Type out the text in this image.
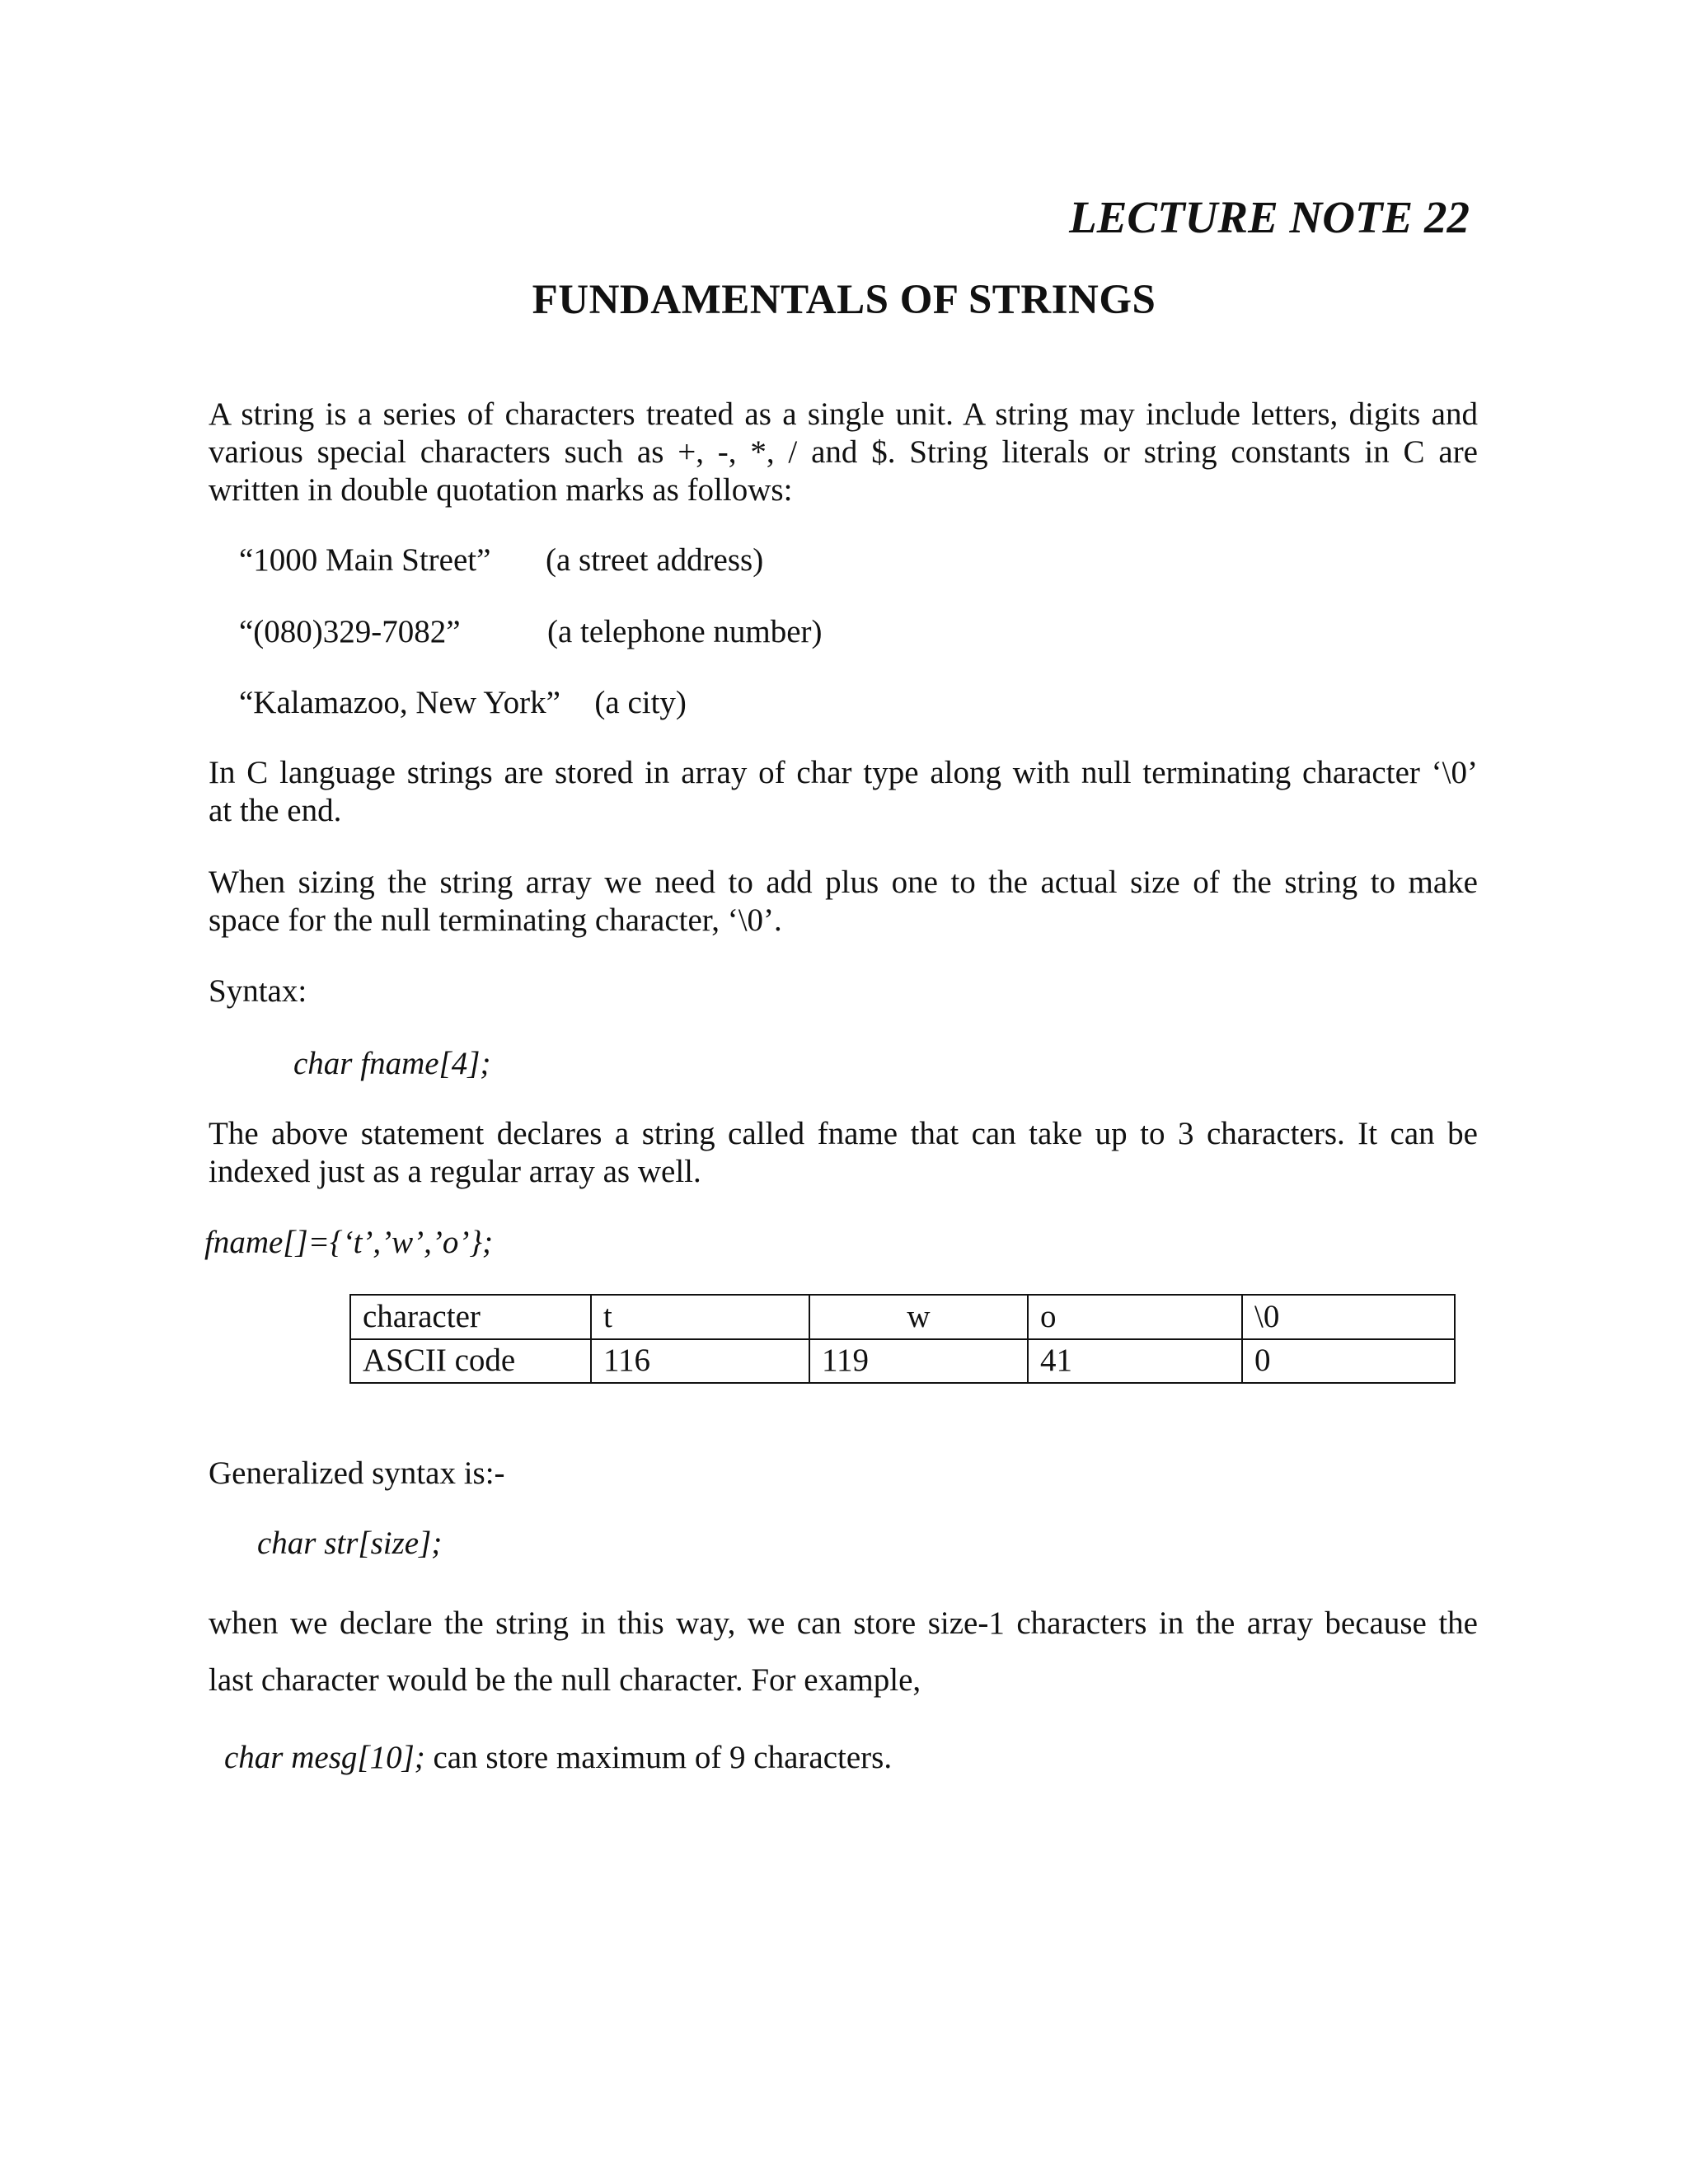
LECTURE NOTE 22
FUNDAMENTALS OF STRINGS
A string is a series of characters treated as a single unit. A string may include letters, digits and
various special characters such as +, -, *, / and $. String literals or string constants in C are
written in double quotation marks as follows:
“1000 Main Street” (a street address)
“(080)329-7082”	(a telephone number)
“Kalamazoo, New York” (a city)
In C language strings are stored in array of char type along with null terminating character ‘\0’
at the end.
When sizing the string array we need to add plus one to the actual size of the string to make
space for the null terminating character, ‘\0’.
Syntax:
char fname[4];
The above statement declares a string called fname that can take up to 3 characters. It can be
indexed just as a regular array as well.
fname[]={‘t’,’w’,’o’};
character	t	w	o	\0
ASCII code	116	119	41	0
Generalized syntax is:-
char str[size];
when we declare the string in this way, we can store size-1 characters in the array because the
last character would be the null character. For example,
char mesg[10]; can store maximum of 9 characters.
